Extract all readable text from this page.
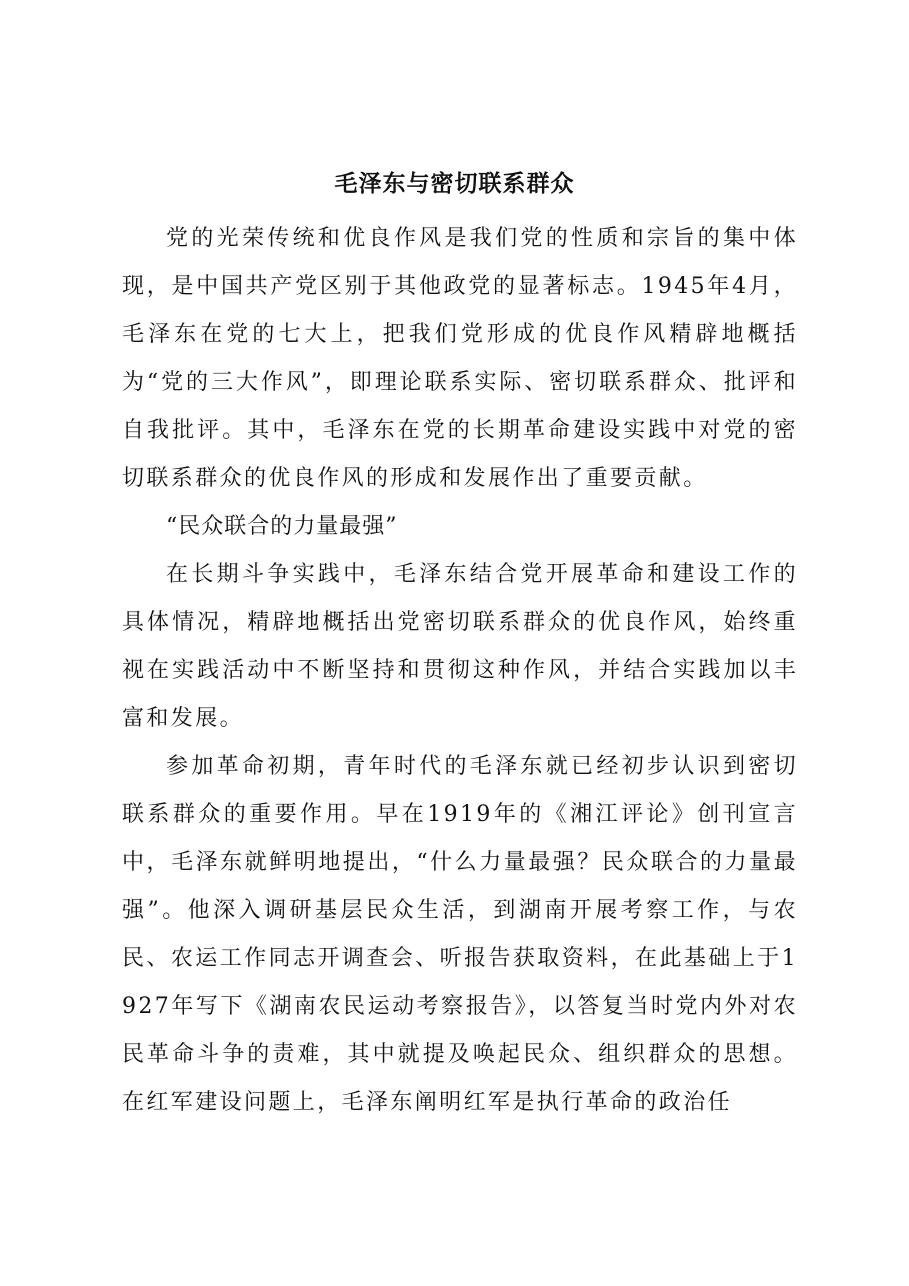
毛泽东与密切联系群众

党的光荣传统和优良作风是我们党的性质和宗旨的集中体现，是中国共产党区别于其他政党的显著标志。1945年4月，毛泽东在党的七大上，把我们党形成的优良作风精辟地概括为“党的三大作风”，即理论联系实际、密切联系群众、批评和自我批评。其中，毛泽东在党的长期革命建设实践中对党的密切联系群众的优良作风的形成和发展作出了重要贡献。

“民众联合的力量最强”

在长期斗争实践中，毛泽东结合党开展革命和建设工作的具体情况，精辟地概括出党密切联系群众的优良作风，始终重视在实践活动中不断坚持和贯彻这种作风，并结合实践加以丰富和发展。

参加革命初期，青年时代的毛泽东就已经初步认识到密切联系群众的重要作用。早在1919年的《湘江评论》创刊宣言中，毛泽东就鲜明地提出，“什么力量最强？民众联合的力量最强”。他深入调研基层民众生活，到湖南开展考察工作，与农民、农运工作同志开调查会、听报告获取资料，在此基础上于1927年写下《湖南农民运动考察报告》，以答复当时党内外对农民革命斗争的责难，其中就提及唤起民众、组织群众的思想。在红军建设问题上，毛泽东阐明红军是执行革命的政治任
